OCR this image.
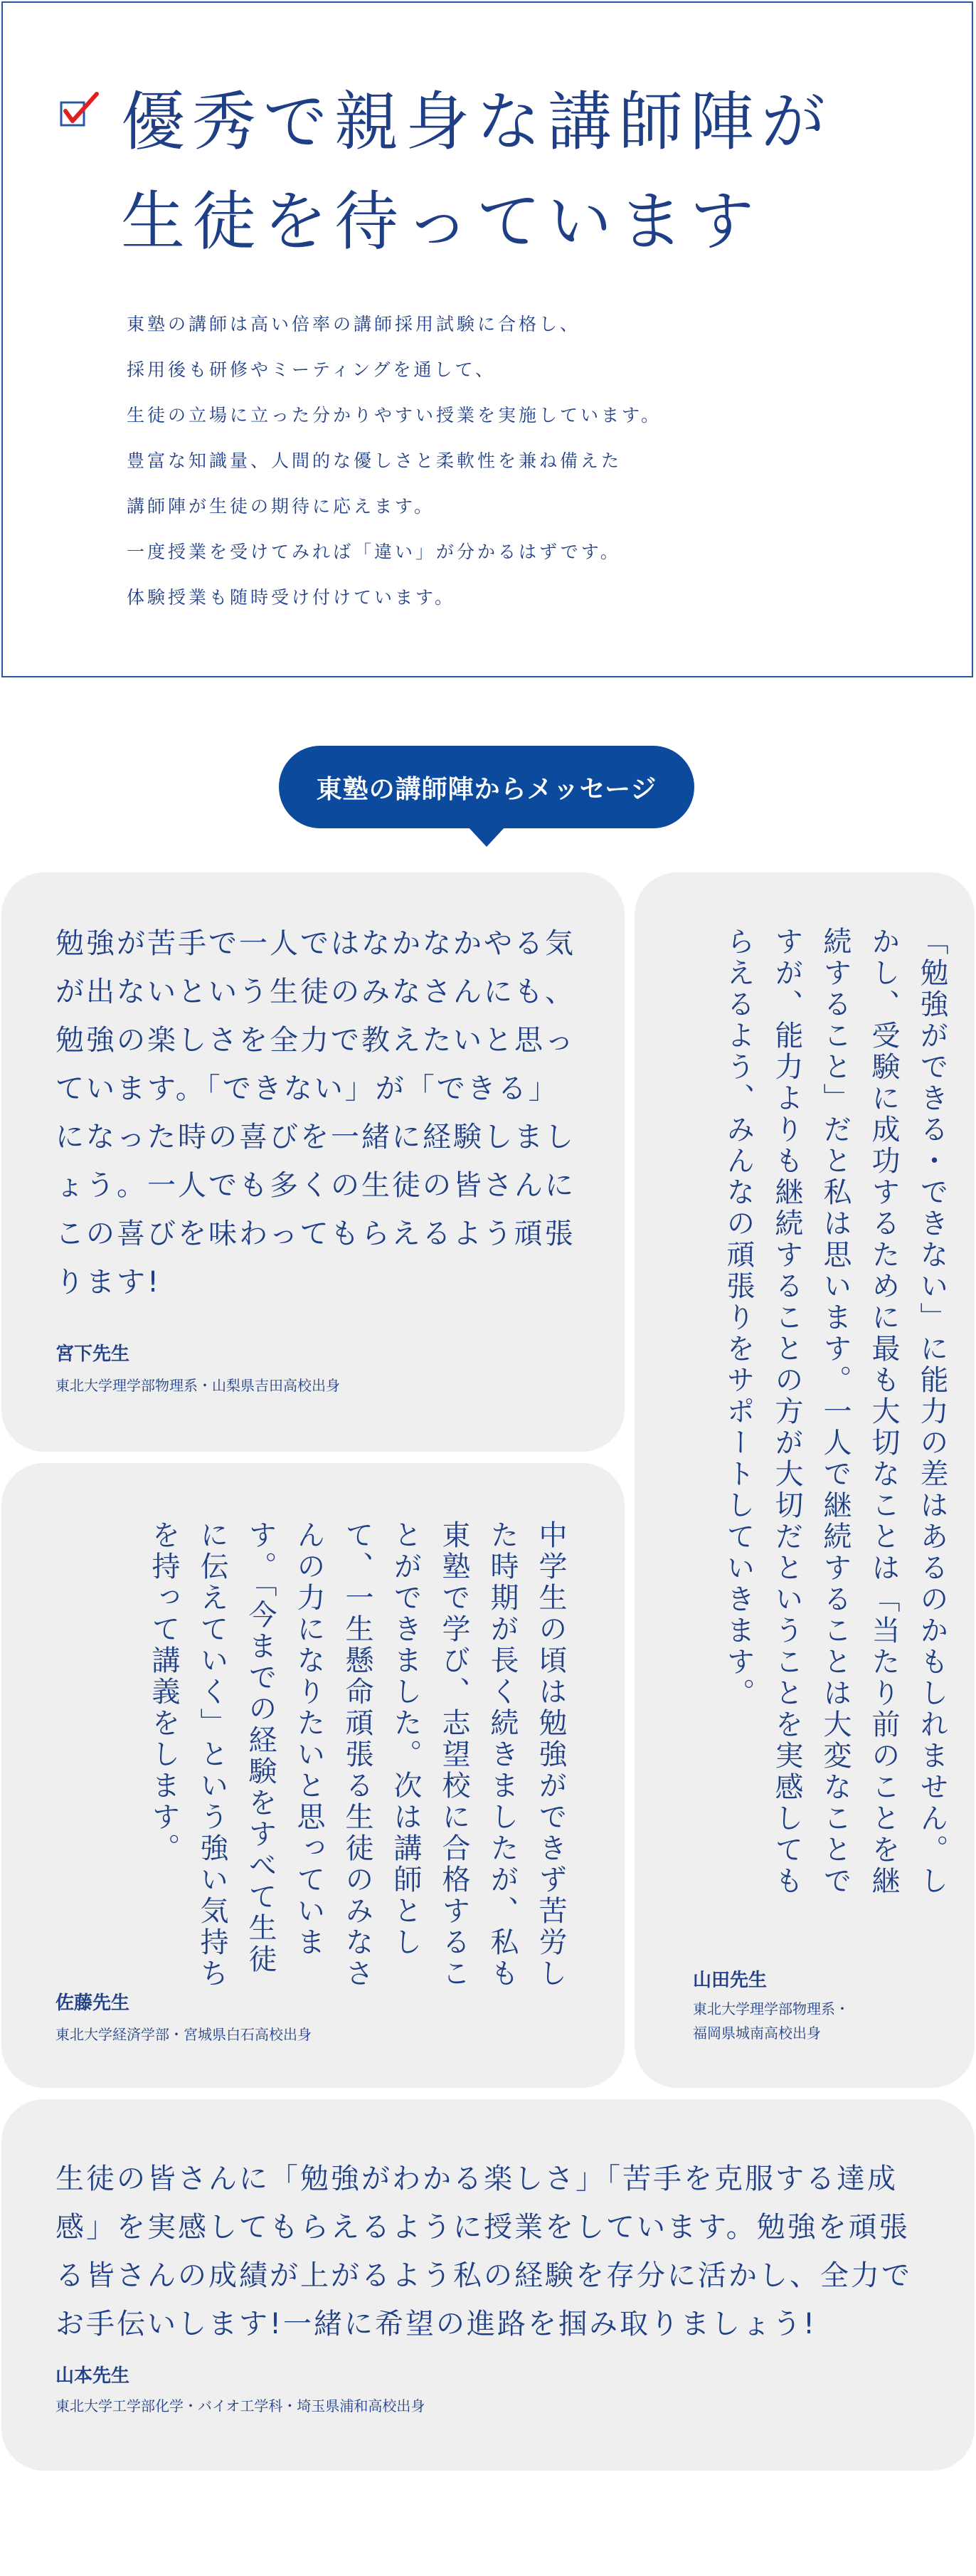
優秀で親身な講師陣が
生徒を待っています
東塾の講師は高い倍率の講師採用試験に合格し、
採用後も研修やミーティングを通して、
生徒の立場に立った分かりやすい授業を実施しています。
豊富な知識量、人間的な優しさと柔軟性を兼ね備えた
講師陣が生徒の期待に応えます。
一度授業を受けてみれば「違い」が分かるはずです。
体験授業も随時受け付けています。
東塾の講師陣からメッセージ

勉強が苦手で一人ではなかなかやる気が出ないという生徒のみなさんにも、勉強の楽しさを全力で教えたいと思っています。「できない」が「できる」になった時の喜びを一緒に経験しましょう。一人でも多くの生徒の皆さんにこの喜びを味わってもらえるよう頑張ります!

宮下先生
東北大学理学部物理系・山梨県吉田高校出身	「勉強ができる・できない」に能力の差はあるのかもしれません。しかし、受験に成功するために最も大切なことは「当たり前のことを継続すること」だと私は思います。一人で継続することは大変なことですが、能力よりも継続することの方が大切だということを実感してもらえるよう、みんなの頑張りをサポートしていきます。

山田先生
東北大学理学部物理系・
福岡県城南高校出身

中学生の頃は勉強ができず苦労した時期が長く続きましたが、私も東塾で学び、志望校に合格することができました。次は講師として、一生懸命頑張る生徒のみなさんの力になりたいと思っています。「今までの経験をすべて生徒に伝えていく」という強い気持ちを持って講義をします。

佐藤先生
東北大学経済学部・宮城県白石高校出身

生徒の皆さんに「勉強がわかる楽しさ」「苦手を克服する達成感」を実感してもらえるように授業をしています。勉強を頑張る皆さんの成績が上がるよう私の経験を存分に活かし、全力でお手伝いします!一緒に希望の進路を掴み取りましょう!

山本先生
東北大学工学部化学・バイオ工学科・埼玉県浦和高校出身
